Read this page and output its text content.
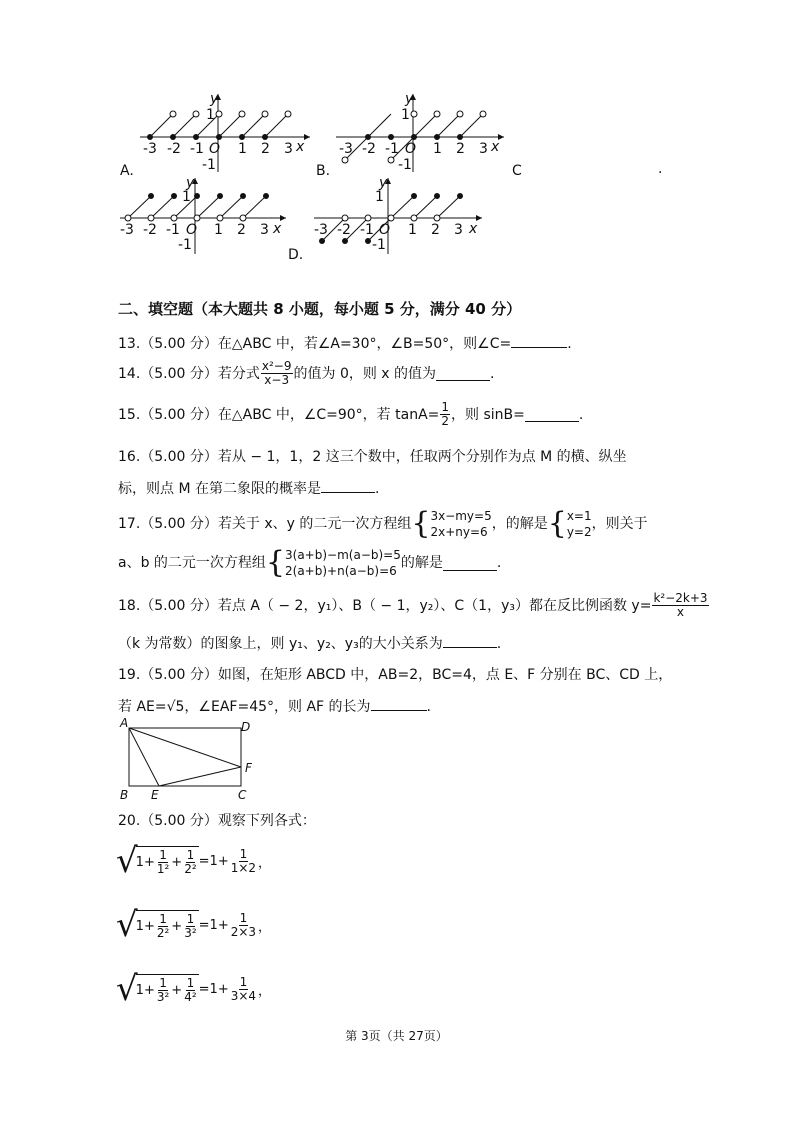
y
1
x
-3 -2 -1 O 1 2 3
-1
A.
y
1
x
-3 -2 -1 O 1 2 3
-1
B.	C	.
y
1
x
-3 -2 -1 O 1 2 3
-1
y
1
x
-3 -2 -1 O 1 2 3
-1
D.
二、填空题（本大题共 8 小题，每小题 5 分，满分 40 分）
13.（5.00 分）在△ABC 中，若∠A=30°，∠B=50°，则∠C=	.
14.（5.00 分）若分式 $\frac{\text{x²−9}}{x-3}$ 的值为 0，则 x 的值为	.
15.（5.00 分）在△ABC 中，∠C=90°，若 $\tan A= \frac{1}{2}$ ，则 sinB=	.
16.（5.00 分）若从 − 1，1，2 这三个数中，任取两个分别作为点 M 的横、纵坐
标，则点 M 在第二象限的概率是	.
17.（5.00 分）若关于 x、y 的二元一次方程组 { 3x−my=5
2x+ny=6 ，的解是 { x=1
y=2 ，则关于
a、b 的二元一次方程组 { 3(a+b)−m(a−b)=5
2(a+b)+n(a−b)=6 的解是	.
18.（5.00 分）若点 A（ − 2，y₁）、B（ − 1，y₂）、C（1，y₃）都在反比例函数 $y= \frac{\text{k²−2k+3}}{x}$
（k 为常数）的图象上，则 y₁、y₂、y₃的大小关系为	.
19.（5.00 分）如图，在矩形 ABCD 中，AB=2，BC=4，点 E、F 分别在 BC、CD 上，
若 AE=√5，∠EAF=45°，则 AF 的长为	.
A	D
B E	C
F
20.（5.00 分）观察下列各式：
√
$1+ \frac{1}{\text{1²}} + \frac{1}{\text{2²}} =1+ \frac{1}{1\times 2}$ ，
√
$1+ \frac{1}{\text{2²}} + \frac{1}{\text{3²}} =1+ \frac{1}{2\times 3}$ ，
√
$1+ \frac{1}{\text{3²}} + \frac{1}{\text{4²}} =1+ \frac{1}{3\times 4}$ ，
第 3页（共 27页）
